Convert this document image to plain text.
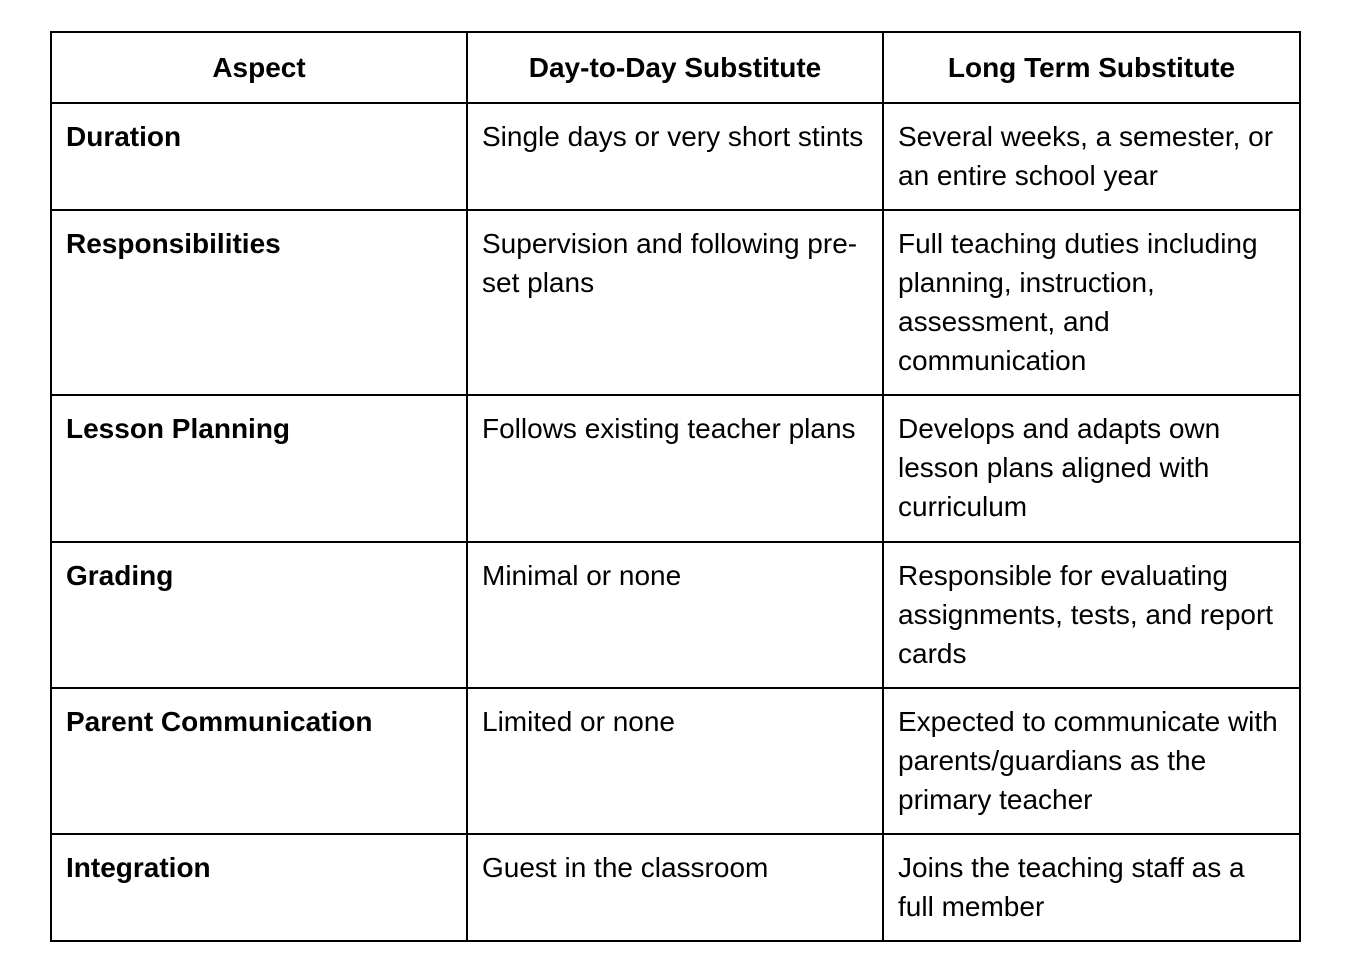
Aspect	Day-to-Day Substitute	Long Term Substitute
Duration	Single days or very short stints	Several weeks, a semester, or an entire school year
Responsibilities	Supervision and following pre-set plans	Full teaching duties including planning, instruction, assessment, and communication
Lesson Planning	Follows existing teacher plans	Develops and adapts own lesson plans aligned with curriculum
Grading	Minimal or none	Responsible for evaluating assignments, tests, and report cards
Parent Communication	Limited or none	Expected to communicate with parents/guardians as the primary teacher
Integration	Guest in the classroom	Joins the teaching staff as a full member
